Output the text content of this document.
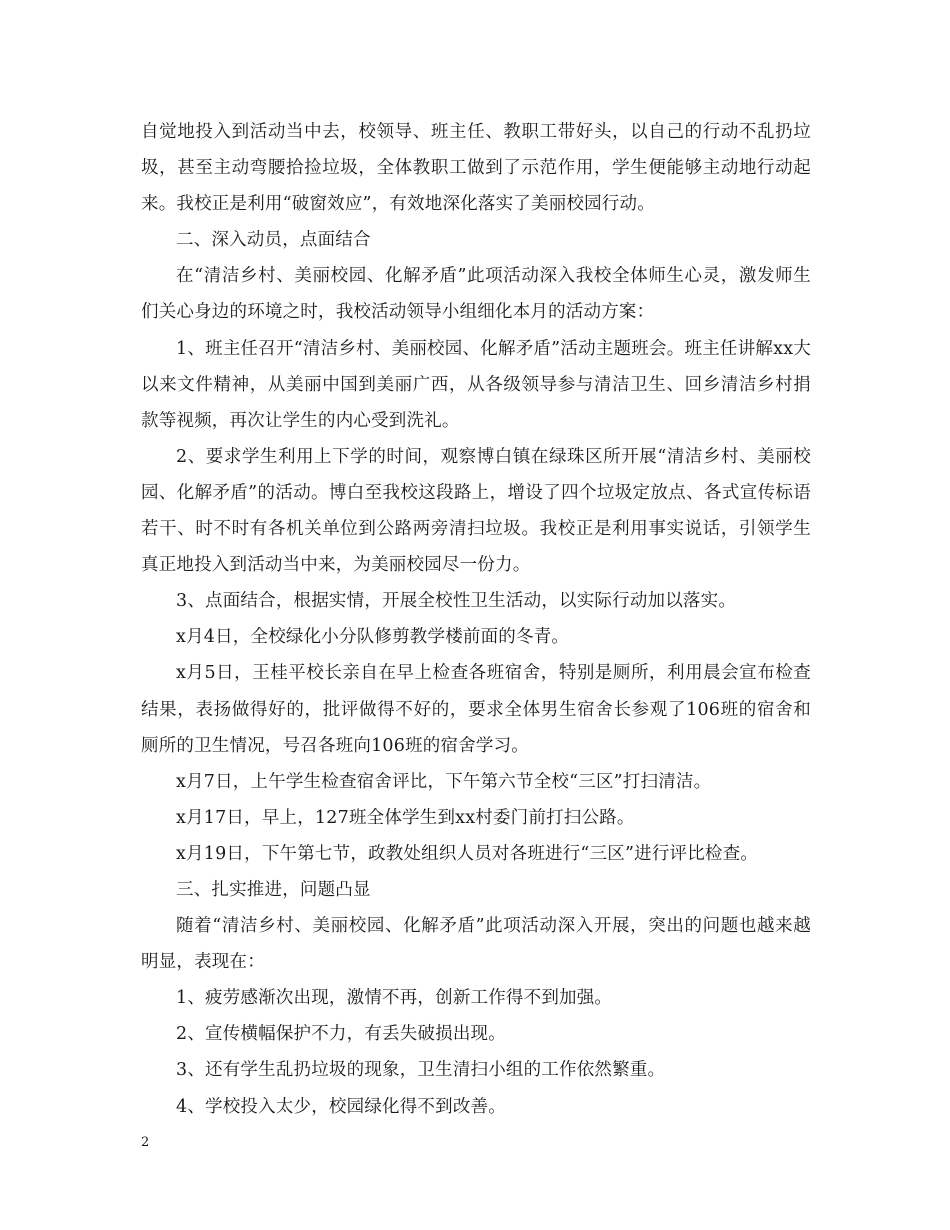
自觉地投入到活动当中去，校领导、班主任、教职工带好头，以自己的行动不乱扔垃圾，甚至主动弯腰拾捡垃圾，全体教职工做到了示范作用，学生便能够主动地行动起来。我校正是利用“破窗效应”，有效地深化落实了美丽校园行动。

二、深入动员，点面结合

在“清洁乡村、美丽校园、化解矛盾”此项活动深入我校全体师生心灵，激发师生们关心身边的环境之时，我校活动领导小组细化本月的活动方案：

1、班主任召开“清洁乡村、美丽校园、化解矛盾”活动主题班会。班主任讲解xx大以来文件精神，从美丽中国到美丽广西，从各级领导参与清洁卫生、回乡清洁乡村捐款等视频，再次让学生的内心受到洗礼。

2、要求学生利用上下学的时间，观察博白镇在绿珠区所开展“清洁乡村、美丽校园、化解矛盾”的活动。博白至我校这段路上，增设了四个垃圾定放点、各式宣传标语若干、时不时有各机关单位到公路两旁清扫垃圾。我校正是利用事实说话，引领学生真正地投入到活动当中来，为美丽校园尽一份力。

3、点面结合，根据实情，开展全校性卫生活动，以实际行动加以落实。

x月4日，全校绿化小分队修剪教学楼前面的冬青。

x月5日，王桂平校长亲自在早上检查各班宿舍，特别是厕所，利用晨会宣布检查结果，表扬做得好的，批评做得不好的，要求全体男生宿舍长参观了106班的宿舍和厕所的卫生情况，号召各班向106班的宿舍学习。

x月7日，上午学生检查宿舍评比，下午第六节全校“三区”打扫清洁。

x月17日，早上，127班全体学生到xx村委门前打扫公路。

x月19日，下午第七节，政教处组织人员对各班进行“三区”进行评比检查。

三、扎实推进，问题凸显

随着“清洁乡村、美丽校园、化解矛盾”此项活动深入开展，突出的问题也越来越明显，表现在：

1、疲劳感渐次出现，激情不再，创新工作得不到加强。

2、宣传横幅保护不力，有丢失破损出现。

3、还有学生乱扔垃圾的现象，卫生清扫小组的工作依然繁重。

4、学校投入太少，校园绿化得不到改善。

2
